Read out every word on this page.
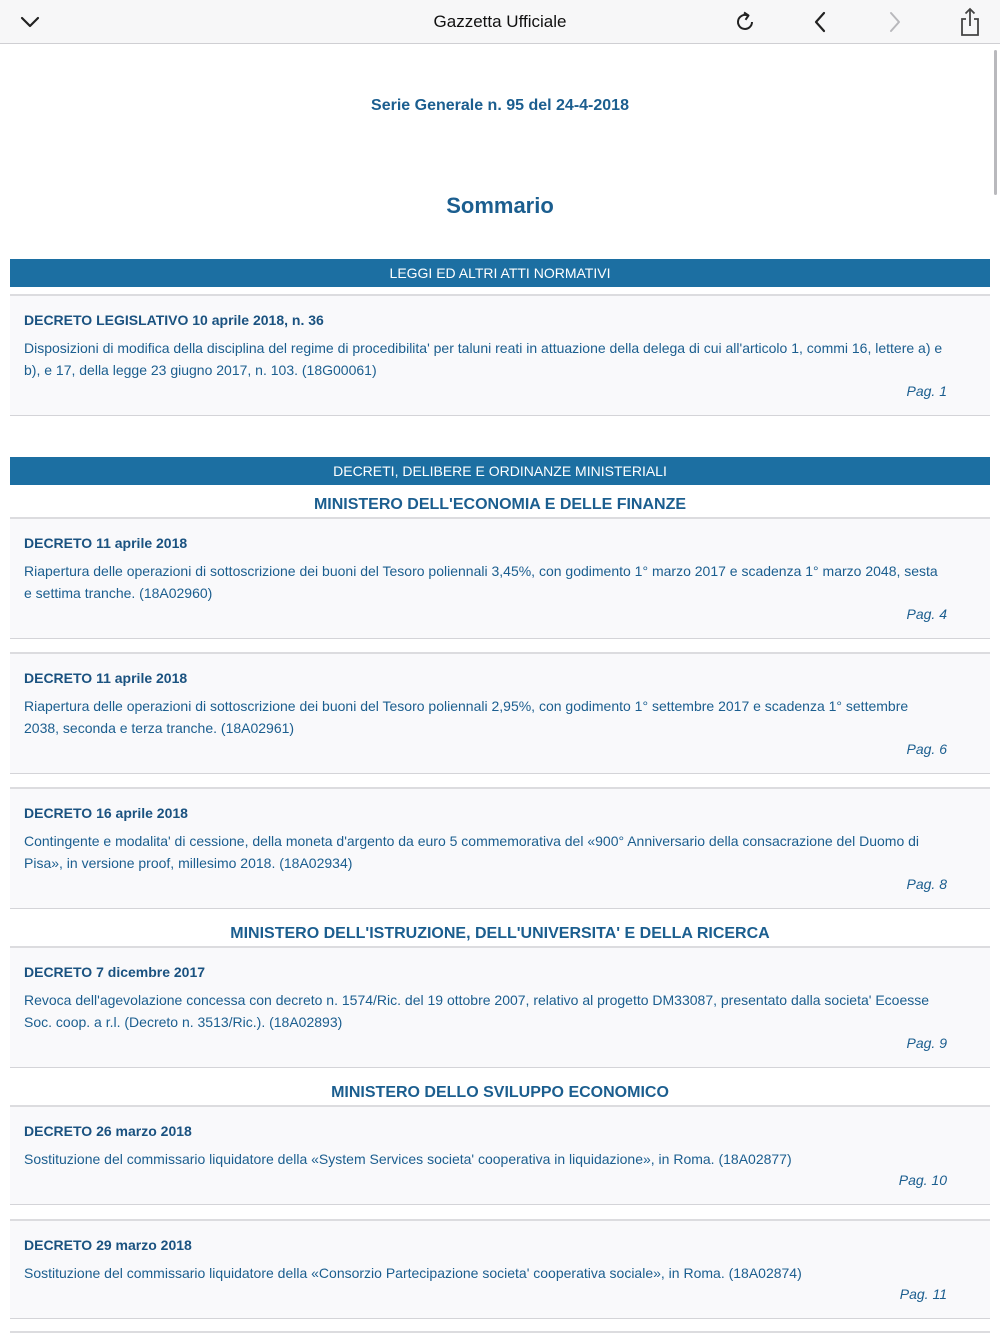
Gazzetta Ufficiale
Serie Generale n. 95 del 24-4-2018
Sommario
LEGGI ED ALTRI ATTI NORMATIVI
DECRETO LEGISLATIVO 10 aprile 2018, n. 36

Disposizioni di modifica della disciplina del regime di procedibilita' per taluni reati in attuazione della delega di cui all'articolo 1, commi 16, lettere a) e
b), e 17, della legge 23 giugno 2017, n. 103. (18G00061)

Pag. 1
DECRETI, DELIBERE E ORDINANZE MINISTERIALI
MINISTERO DELL'ECONOMIA E DELLE FINANZE
DECRETO 11 aprile 2018

Riapertura delle operazioni di sottoscrizione dei buoni del Tesoro poliennali 3,45%, con godimento 1° marzo 2017 e scadenza 1° marzo 2048, sesta
e settima tranche. (18A02960)

Pag. 4
DECRETO 11 aprile 2018

Riapertura delle operazioni di sottoscrizione dei buoni del Tesoro poliennali 2,95%, con godimento 1° settembre 2017 e scadenza 1° settembre
2038, seconda e terza tranche. (18A02961)

Pag. 6
DECRETO 16 aprile 2018

Contingente e modalita' di cessione, della moneta d'argento da euro 5 commemorativa del «900° Anniversario della consacrazione del Duomo di
Pisa», in versione proof, millesimo 2018. (18A02934)

Pag. 8
MINISTERO DELL'ISTRUZIONE, DELL'UNIVERSITA' E DELLA RICERCA
DECRETO 7 dicembre 2017

Revoca dell'agevolazione concessa con decreto n. 1574/Ric. del 19 ottobre 2007, relativo al progetto DM33087, presentato dalla societa' Ecoesse
Soc. coop. a r.l. (Decreto n. 3513/Ric.). (18A02893)

Pag. 9
MINISTERO DELLO SVILUPPO ECONOMICO
DECRETO 26 marzo 2018

Sostituzione del commissario liquidatore della «System Services societa' cooperativa in liquidazione», in Roma. (18A02877)

Pag. 10
DECRETO 29 marzo 2018

Sostituzione del commissario liquidatore della «Consorzio Partecipazione societa' cooperativa sociale», in Roma. (18A02874)

Pag. 11
